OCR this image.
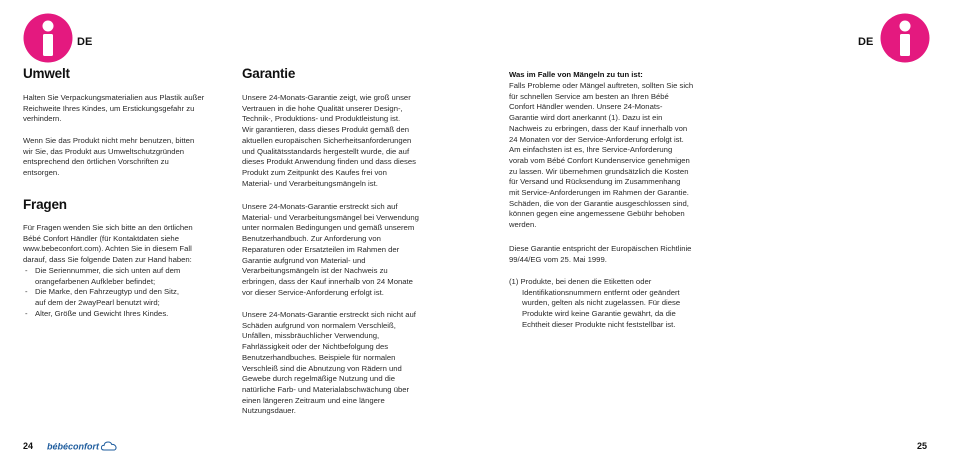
DE	DE
Umwelt

Halten Sie Verpackungsmaterialien aus Plastik außer
Reichweite Ihres Kindes, um Erstickungsgefahr zu
verhindern.

Wenn Sie das Produkt nicht mehr benutzen, bitten
wir Sie, das Produkt aus Umweltschutzgründen
entsprechend den örtlichen Vorschriften zu
entsorgen.

Fragen

Für Fragen wenden Sie sich bitte an den örtlichen
Bébé Confort Händler (für Kontaktdaten siehe
www.bebeconfort.com). Achten Sie in diesem Fall
darauf, dass Sie folgende Daten zur Hand haben:

- Die Seriennummer, die sich unten auf dem
orangefarbenen Aufkleber befindet;
- Die Marke, den Fahrzeugtyp und den Sitz,
auf dem der 2wayPearl benutzt wird;
- Alter, Größe und Gewicht Ihres Kindes.
Garantie

Unsere 24-Monats-Garantie zeigt, wie groß unser
Vertrauen in die hohe Qualität unserer Design-,
Technik-, Produktions- und Produktleistung ist.
Wir garantieren, dass dieses Produkt gemäß den
aktuellen europäischen Sicherheitsanforderungen
und Qualitätsstandards hergestellt wurde, die auf
dieses Produkt Anwendung finden und dass dieses
Produkt zum Zeitpunkt des Kaufes frei von
Material- und Verarbeitungsmängeln ist.

Unsere 24-Monats-Garantie erstreckt sich auf
Material- und Verarbeitungsmängel bei Verwendung
unter normalen Bedingungen und gemäß unserem
Benutzerhandbuch. Zur Anforderung von
Reparaturen oder Ersatzteilen im Rahmen der
Garantie aufgrund von Material- und
Verarbeitungsmängeln ist der Nachweis zu
erbringen, dass der Kauf innerhalb von 24 Monate
vor dieser Service-Anforderung erfolgt ist.

Unsere 24-Monats-Garantie erstreckt sich nicht auf
Schäden aufgrund von normalem Verschleiß,
Unfällen, missbräuchlicher Verwendung,
Fahrlässigkeit oder der Nichtbefolgung des
Benutzerhandbuches. Beispiele für normalen
Verschleiß sind die Abnutzung von Rädern und
Gewebe durch regelmäßige Nutzung und die
natürliche Farb- und Materialabschwächung über
einen längeren Zeitraum und eine längere
Nutzungsdauer.

Was im Falle von Mängeln zu tun ist:

Falls Probleme oder Mängel auftreten, sollten Sie sich
für schnellen Service am besten an Ihren Bébé
Confort Händler wenden. Unsere 24-Monats-
Garantie wird dort anerkannt (1). Dazu ist ein
Nachweis zu erbringen, dass der Kauf innerhalb von
24 Monaten vor der Service-Anforderung erfolgt ist.
Am einfachsten ist es, Ihre Service-Anforderung
vorab vom Bébé Confort Kundenservice genehmigen
zu lassen. Wir übernehmen grundsätzlich die Kosten
für Versand und Rücksendung im Zusammenhang
mit Service-Anforderungen im Rahmen der Garantie.
Schäden, die von der Garantie ausgeschlossen sind,
können gegen eine angemessene Gebühr behoben
werden.

Diese Garantie entspricht der Europäischen Richtlinie
99/44/EG vom 25. Mai 1999.

(1) Produkte, bei denen die Etiketten oder
Identifikationsnummern entfernt oder geändert
wurden, gelten als nicht zugelassen. Für diese
Produkte wird keine Garantie gewährt, da die
Echtheit dieser Produkte nicht feststellbar ist.

24 bébéconfort	25
